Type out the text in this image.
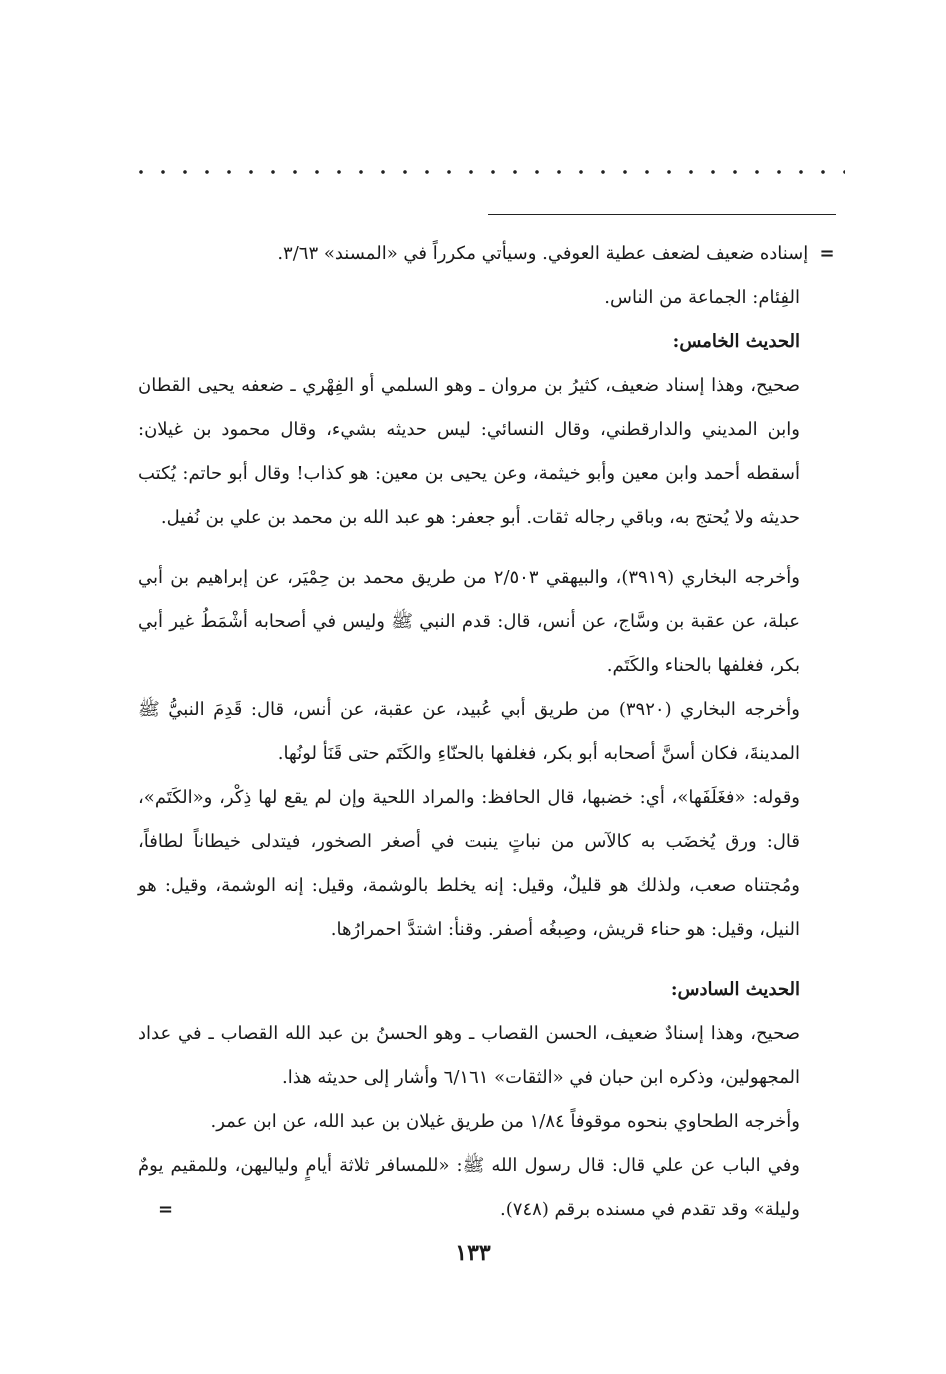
= إسناده ضعيف لضعف عطية العوفي. وسيأتي مكرراً في «المسند» ٣/٦٣.

الفِئام: الجماعة من الناس.

الحديث الخامس:

صحيح، وهذا إسناد ضعيف، كثيرُ بن مروان ـ وهو السلمي أو الفِهْري ـ ضعفه يحيى القطان وابن المديني والدارقطني، وقال النسائي: ليس حديثه بشيء، وقال محمود بن غيلان: أسقطه أحمد وابن معين وأبو خيثمة، وعن يحيى بن معين: هو كذاب! وقال أبو حاتم: يُكتب حديثه ولا يُحتج به، وباقي رجاله ثقات. أبو جعفر: هو عبد الله بن محمد بن علي بن نُفيل.

وأخرجه البخاري (٣٩١٩)، والبيهقي ٢/٥٠٣ من طريق محمد بن حِمْيَر، عن إبراهيم بن أبي عبلة، عن عقبة بن وسَّاج، عن أنس، قال: قدم النبي ﷺ وليس في أصحابه أشْمَطُ غير أبي بكر، فغلفها بالحناء والكَتَم.

وأخرجه البخاري (٣٩٢٠) من طريق أبي عُبيد، عن عقبة، عن أنس، قال: قَدِمَ النبيُّ ﷺ المدينةَ، فكان أسنَّ أصحابه أبو بكر، فغلفها بالحنّاءِ والكَتَم حتى قَنَأ لونُها.

وقوله: «فغَلَفَها»، أي: خضبها، قال الحافظ: والمراد اللحية وإن لم يقع لها ذِكْر، و«الكَتَم»، قال: ورق يُخضَب به كالآس من نباتٍ ينبت في أصغر الصخور، فيتدلى خيطاناً لطافاً، ومُجتناه صعب، ولذلك هو قليلٌ، وقيل: إنه يخلط بالوشمة، وقيل: إنه الوشمة، وقيل: هو النيل، وقيل: هو حناء قريش، وصِبغُه أصفر. وقنأ: اشتدَّ احمرارُها.

الحديث السادس:

صحيح، وهذا إسنادٌ ضعيف، الحسن القصاب ـ وهو الحسنُ بن عبد الله القصاب ـ في عداد المجهولين، وذكره ابن حبان في «الثقات» ٦/١٦١ وأشار إلى حديثه هذا.

وأخرجه الطحاوي بنحوه موقوفاً ١/٨٤ من طريق غيلان بن عبد الله، عن ابن عمر.

وفي الباب عن علي قال: قال رسول الله ﷺ: «للمسافر ثلاثة أيامٍ ولياليهن، وللمقيم يومٌ وليلة» وقد تقدم في مسنده برقم (٧٤٨).
=

١٣٣
